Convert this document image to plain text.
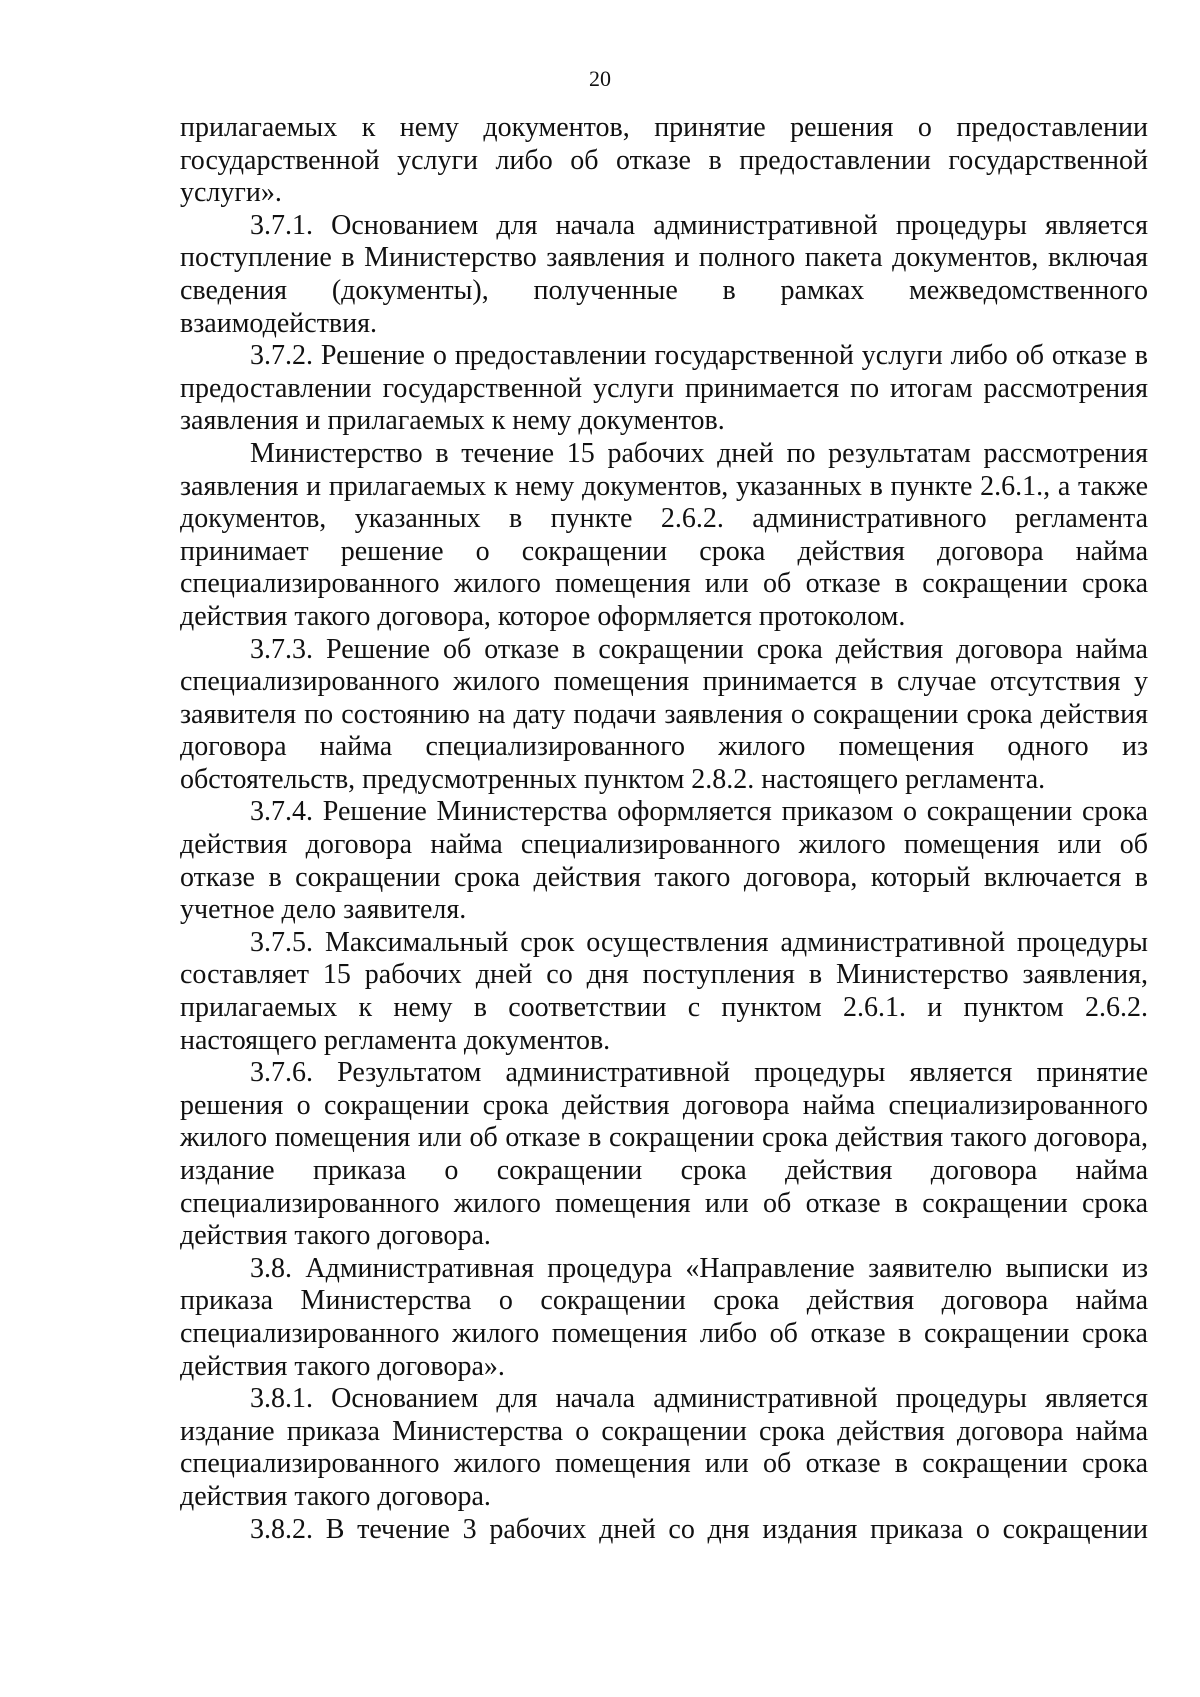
20

прилагаемых к нему документов, принятие решения о предоставлении государственной услуги либо об отказе в предоставлении государственной услуги».

3.7.1. Основанием для начала административной процедуры является поступление в Министерство заявления и полного пакета документов, включая сведения (документы), полученные в рамках межведомственного взаимодействия.

3.7.2. Решение о предоставлении государственной услуги либо об отказе в предоставлении государственной услуги принимается по итогам рассмотрения заявления и прилагаемых к нему документов.

Министерство в течение 15 рабочих дней по результатам рассмотрения заявления и прилагаемых к нему документов, указанных в пункте 2.6.1., а также документов, указанных в пункте 2.6.2. административного регламента принимает решение о сокращении срока действия договора найма специализированного жилого помещения или об отказе в сокращении срока действия такого договора, которое оформляется протоколом.

3.7.3. Решение об отказе в сокращении срока действия договора найма специализированного жилого помещения принимается в случае отсутствия у заявителя по состоянию на дату подачи заявления о сокращении срока действия договора найма специализированного жилого помещения одного из обстоятельств, предусмотренных пунктом 2.8.2. настоящего регламента.

3.7.4. Решение Министерства оформляется приказом о сокращении срока действия договора найма специализированного жилого помещения или об отказе в сокращении срока действия такого договора, который включается в учетное дело заявителя.

3.7.5. Максимальный срок осуществления административной процедуры составляет 15 рабочих дней со дня поступления в Министерство заявления, прилагаемых к нему в соответствии с пунктом 2.6.1. и пунктом 2.6.2. настоящего регламента документов.

3.7.6. Результатом административной процедуры является принятие решения о сокращении срока действия договора найма специализированного жилого помещения или об отказе в сокращении срока действия такого договора, издание приказа о сокращении срока действия договора найма специализированного жилого помещения или об отказе в сокращении срока действия такого договора.

3.8. Административная процедура «Направление заявителю выписки из приказа Министерства о сокращении срока действия договора найма специализированного жилого помещения либо об отказе в сокращении срока действия такого договора».

3.8.1. Основанием для начала административной процедуры является издание приказа Министерства о сокращении срока действия договора найма специализированного жилого помещения или об отказе в сокращении срока действия такого договора.

3.8.2. В течение 3 рабочих дней со дня издания приказа о сокращении
